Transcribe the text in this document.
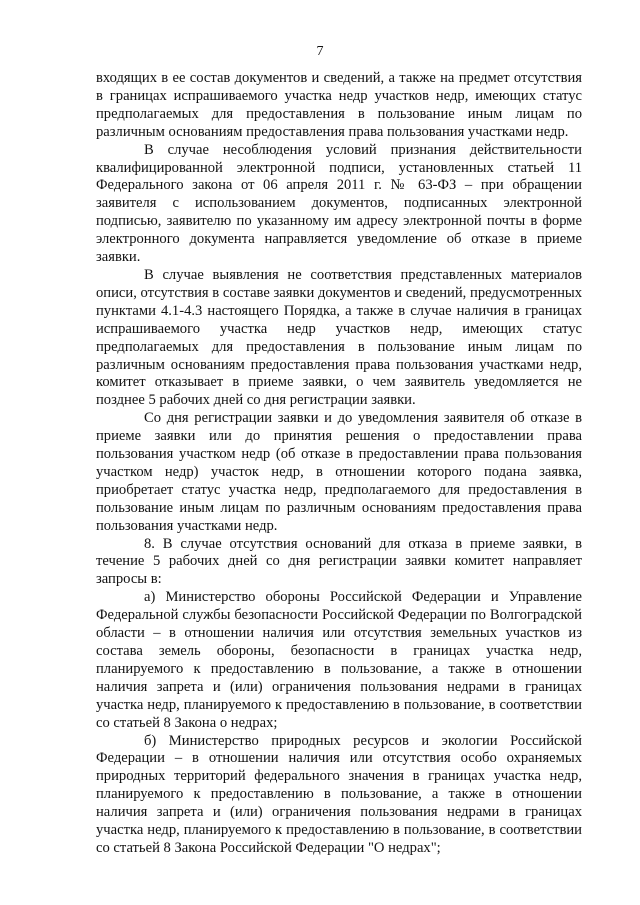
7

входящих в ее состав документов и сведений, а также на предмет отсутствия в границах испрашиваемого участка недр участков недр, имеющих статус предполагаемых для предоставления в пользование иным лицам по различным основаниям предоставления права пользования участками недр.

В случае несоблюдения условий признания действительности квалифицированной электронной подписи, установленных статьей 11 Федерального закона от 06 апреля 2011 г. № 63-ФЗ – при обращении заявителя с использованием документов, подписанных электронной подписью, заявителю по указанному им адресу электронной почты в форме электронного документа направляется уведомление об отказе в приеме заявки.

В случае выявления не соответствия представленных материалов описи, отсутствия в составе заявки документов и сведений, предусмотренных пунктами 4.1-4.3 настоящего Порядка, а также в случае наличия в границах испрашиваемого участка недр участков недр, имеющих статус предполагаемых для предоставления в пользование иным лицам по различным основаниям предоставления права пользования участками недр, комитет отказывает в приеме заявки, о чем заявитель уведомляется не позднее 5 рабочих дней со дня регистрации заявки.

Со дня регистрации заявки и до уведомления заявителя об отказе в приеме заявки или до принятия решения о предоставлении права пользования участком недр (об отказе в предоставлении права пользования участком недр) участок недр, в отношении которого подана заявка, приобретает статус участка недр, предполагаемого для предоставления в пользование иным лицам по различным основаниям предоставления права пользования участками недр.

8. В случае отсутствия оснований для отказа в приеме заявки, в течение 5 рабочих дней со дня регистрации заявки комитет направляет запросы в:

а) Министерство обороны Российской Федерации и Управление Федеральной службы безопасности Российской Федерации по Волгоградской области – в отношении наличия или отсутствия земельных участков из состава земель обороны, безопасности в границах участка недр, планируемого к предоставлению в пользование, а также в отношении наличия запрета и (или) ограничения пользования недрами в границах участка недр, планируемого к предоставлению в пользование, в соответствии со статьей 8 Закона о недрах;

б) Министерство природных ресурсов и экологии Российской Федерации – в отношении наличия или отсутствия особо охраняемых природных территорий федерального значения в границах участка недр, планируемого к предоставлению в пользование, а также в отношении наличия запрета и (или) ограничения пользования недрами в границах участка недр, планируемого к предоставлению в пользование, в соответствии со статьей 8 Закона Российской Федерации "О недрах";
